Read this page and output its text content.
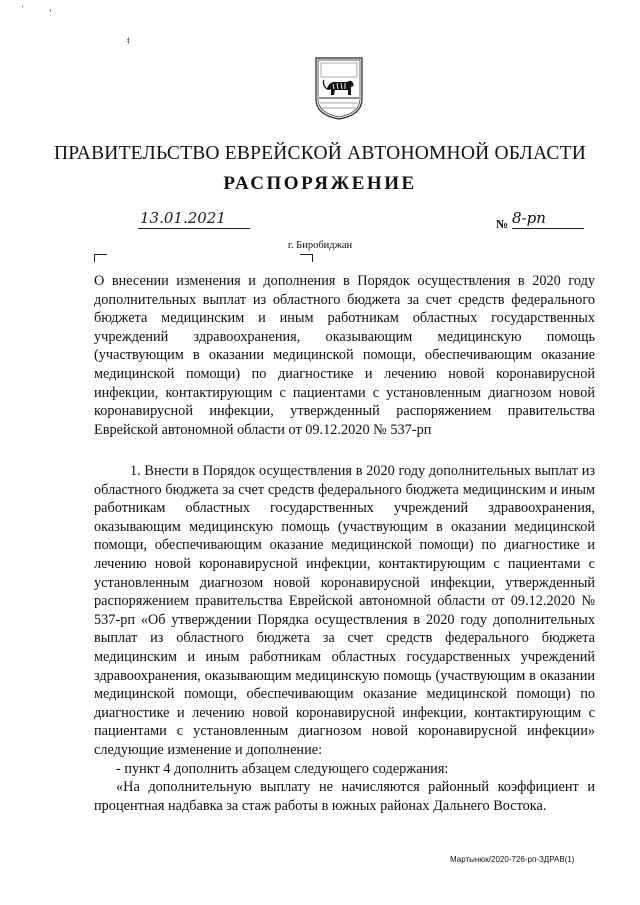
'	ʼ
ǂ
ПРАВИТЕЛЬСТВО ЕВРЕЙСКОЙ АВТОНОМНОЙ ОБЛАСТИ
РАСПОРЯЖЕНИЕ
13.01.2021	№ 8-рп
г. Биробиджан
О внесении изменения и дополнения в Порядок осуществления в 2020 году дополнительных выплат из областного бюджета за счет средств федерального бюджета медицинским и иным работникам областных государственных учреждений здравоохранения, оказывающим медицинскую помощь (участвующим в оказании медицинской помощи, обеспечивающим оказание медицинской помощи) по диагностике и лечению новой коронавирусной инфекции, контактирующим с пациентами с установленным диагнозом новой коронавирусной инфекции, утвержденный распоряжением правительства Еврейской автономной области от 09.12.2020 № 537-рп

1. Внести в Порядок осуществления в 2020 году дополнительных выплат из областного бюджета за счет средств федерального бюджета медицинским и иным работникам областных государственных учреждений здравоохранения, оказывающим медицинскую помощь (участвующим в оказании медицинской помощи, обеспечивающим оказание медицинской помощи) по диагностике и лечению новой коронавирусной инфекции, контактирующим с пациентами с установленным диагнозом новой коронавирусной инфекции, утвержденный распоряжением правительства Еврейской автономной области от 09.12.2020 № 537-рп «Об утверждении Порядка осуществления в 2020 году дополнительных выплат из областного бюджета за счет средств федерального бюджета медицинским и иным работникам областных государственных учреждений здравоохранения, оказывающим медицинскую помощь (участвующим в оказании медицинской помощи, обеспечивающим оказание медицинской помощи) по диагностике и лечению новой коронавирусной инфекции, контактирующим с пациентами с установленным диагнозом новой коронавирусной инфекции» следующие изменение и дополнение:

- пункт 4 дополнить абзацем следующего содержания:

«На дополнительную выплату не начисляются районный коэффициент и процентная надбавка за стаж работы в южных районах Дальнего Востока.

Мартынюк/2020-726-рп-ЗДРАВ(1)
